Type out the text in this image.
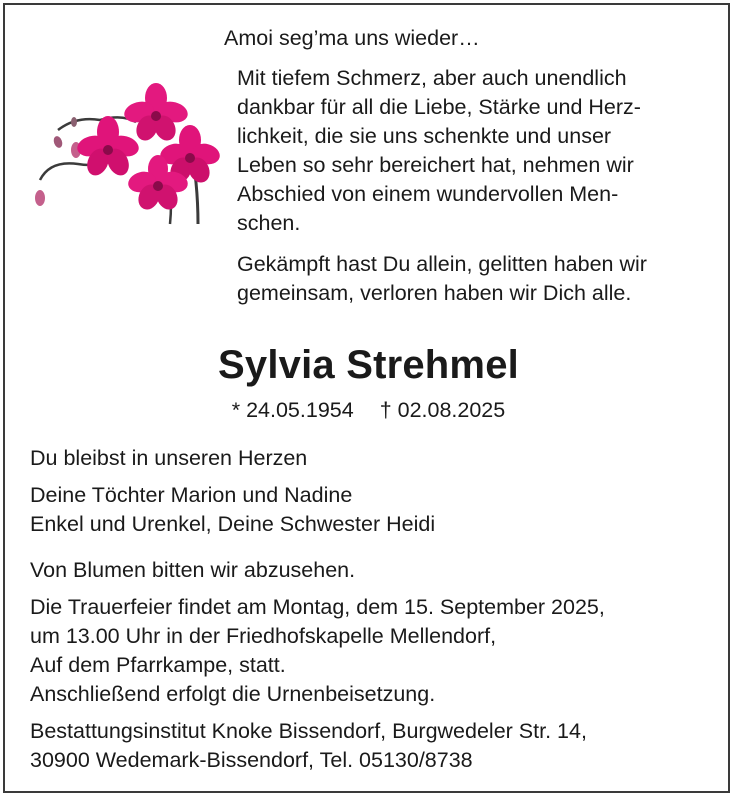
Amoi seg’ma uns wieder…

Mit tiefem Schmerz, aber auch unendlich
dankbar für all die Liebe, Stärke und Herz-
lichkeit, die sie uns schenkte und unser
Leben so sehr bereichert hat, nehmen wir
Abschied von einem wundervollen Men-
schen.

Gekämpft hast Du allein, gelitten haben wir
gemeinsam, verloren haben wir Dich alle.

Sylvia Strehmel
* 24.05.1954 † 02.08.2025
Du bleibst in unseren Herzen
Deine Töchter Marion und Nadine
Enkel und Urenkel, Deine Schwester Heidi
Von Blumen bitten wir abzusehen.
Die Trauerfeier findet am Montag, dem 15. September 2025,
um 13.00 Uhr in der Friedhofskapelle Mellendorf,
Auf dem Pfarrkampe, statt.
Anschließend erfolgt die Urnenbeisetzung.
Bestattungsinstitut Knoke Bissendorf, Burgwedeler Str. 14,
30900 Wedemark-Bissendorf, Tel. 05130/8738
